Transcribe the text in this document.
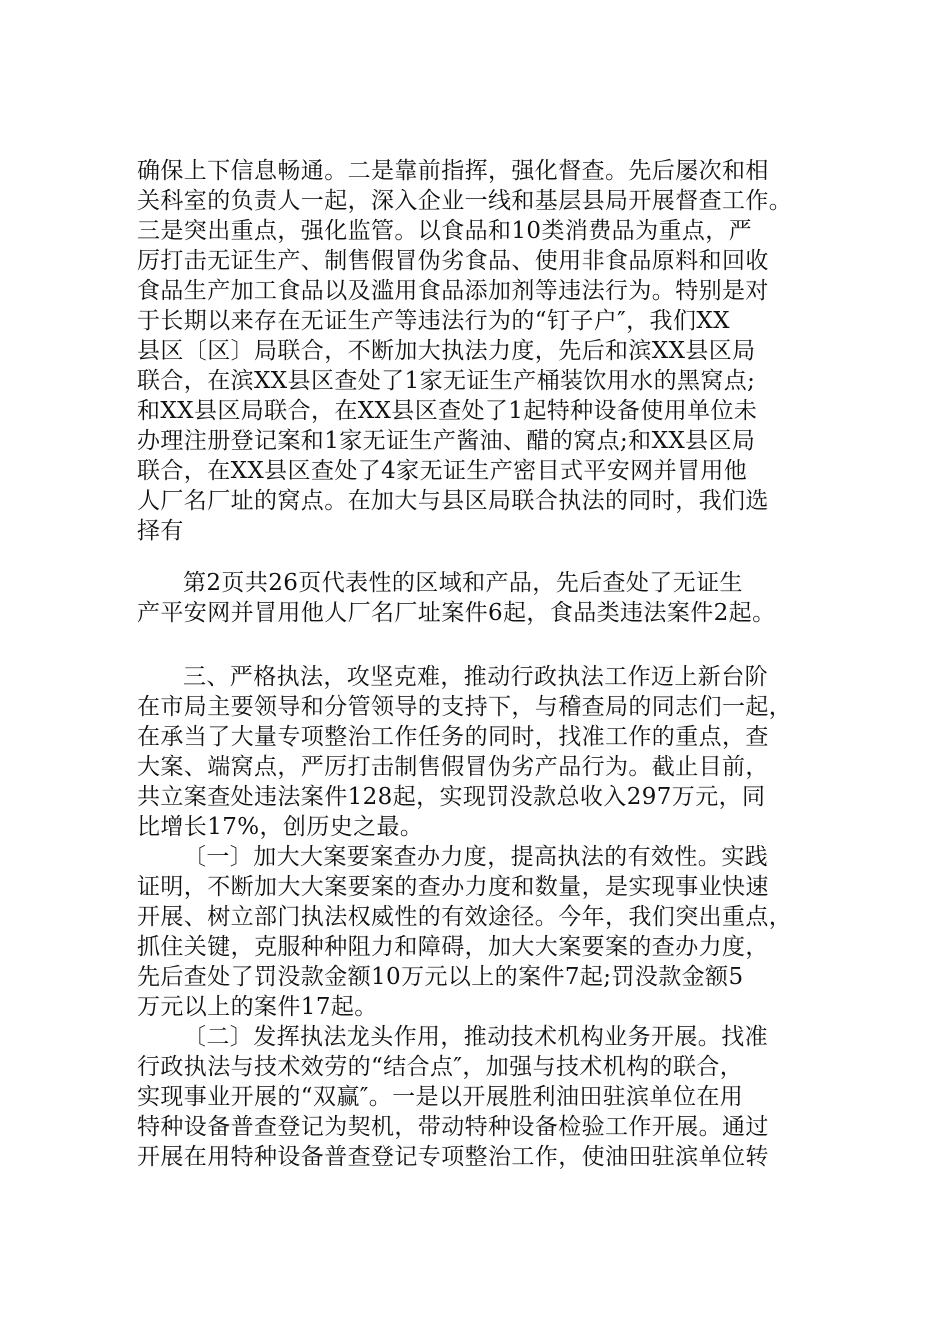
确保上下信息畅通。二是靠前指挥，强化督查。先后屡次和相
关科室的负责人一起，深入企业一线和基层县局开展督查工作。
三是突出重点，强化监管。以食品和10类消费品为重点，严
厉打击无证生产、制售假冒伪劣食品、使用非食品原料和回收
食品生产加工食品以及滥用食品添加剂等违法行为。特别是对
于长期以来存在无证生产等违法行为的“钉子户″，我们XX
县区〔区〕局联合，不断加大执法力度，先后和滨XX县区局
联合，在滨XX县区查处了1家无证生产桶装饮用水的黑窝点;
和XX县区局联合，在XX县区查处了1起特种设备使用单位未
办理注册登记案和1家无证生产酱油、醋的窝点;和XX县区局
联合，在XX县区查处了4家无证生产密目式平安网并冒用他
人厂名厂址的窝点。在加大与县区局联合执法的同时，我们选
择有
第2页共26页代表性的区域和产品，先后查处了无证生
产平安网并冒用他人厂名厂址案件6起，食品类违法案件2起。
三、严格执法，攻坚克难，推动行政执法工作迈上新台阶
在市局主要领导和分管领导的支持下，与稽查局的同志们一起，
在承当了大量专项整治工作任务的同时，找准工作的重点，查
大案、端窝点，严厉打击制售假冒伪劣产品行为。截止目前，
共立案查处违法案件128起，实现罚没款总收入297万元，同
比增长17%，创历史之最。
〔一〕加大大案要案查办力度，提高执法的有效性。实践
证明，不断加大大案要案的查办力度和数量，是实现事业快速
开展、树立部门执法权威性的有效途径。今年，我们突出重点，
抓住关键，克服种种阻力和障碍，加大大案要案的查办力度，
先后查处了罚没款金额10万元以上的案件7起;罚没款金额5
万元以上的案件17起。
〔二〕发挥执法龙头作用，推动技术机构业务开展。找准
行政执法与技术效劳的“结合点″，加强与技术机构的联合，
实现事业开展的“双赢″。一是以开展胜利油田驻滨单位在用
特种设备普查登记为契机，带动特种设备检验工作开展。通过
开展在用特种设备普查登记专项整治工作，使油田驻滨单位转
